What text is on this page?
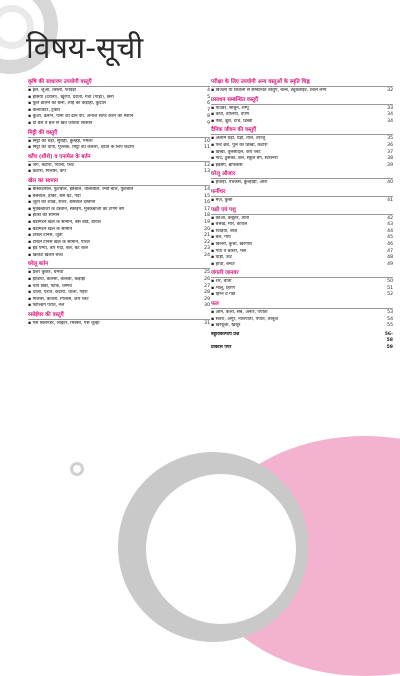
विषय-सूची
कृषि की साधारण उपयोगी वस्तुएँ
▪ हल, जुआ, तसला, फावड़ा	4
▪ हंसिया (दराती), खुरपी, दरांती, गैंती (गाड़ा), छैनी	5
▪ फूल डालने की छैनी, लोहे की कड़ाही, कुदाल	6
▪ कल्टीवेटर, ट्रैक्टर	7
▪ कुआ, ढलान, पानी को ढोने का, अनाज साफ करने की मशीन	8
▪ दो बैल व हल से खेत जोतता किसान	9
मिट्टी की वस्तुएँ
▪ मिट्टी का घड़ा, सुराही, कुल्हड़, गमला	10
▪ मिट्टी का दीया, गुल्लक, मिट्टी की केतली, दवात के लिए कटोरा	11
काँच (शीशे) व एनामेल के बर्तन
▪ जग, कटोरी, प्याला, प्लेट	12
▪ कटोरी, गिलास, कप	13
खेल का सामान
▪ बास्केटबॉल, फुटबॉल, हैंडबॉल, वॉलीबॉल, रग्बी बॉल, फुटबाल	14
▪ बेसबॉल, हॉकी, बेस बैट, गदा	15
▪ जूतों की शाखें, रोलर, बेसबॉल दस्ताना	16
▪ मुक्केबाजी के दस्ताने, स्कीइंग, मुक्केबाजी का टैंगिंग बैग	17
▪ हॉकी का सामान	18
▪ बैडमिंटन खेल के सामान, बेस बोर्ड, डायल	19
▪ बैडमिंटन खेल के सामान	20
▪ टेबिल टेनिस, जूता	21
▪ टेबिल टेनिस खेल के सामान, पारल	22
▪ हैंड पम्पा, तीर गदा, बेल, बेट बॉल	23
▪ क्रिकेट खेलते बच्चे	24
घरेलू बर्तन
▪ प्रेशर कुकर, चमचा	25
▪ हांडिया, कलसा, कलछा, कड़ाही	26
▪ चाय छन्नी, फोर्क, चम्मच	27
▪ थाली, परात, कटोरी, थाली, गहरा	28
▪ गिलास, केतली, गिलास, कप प्लेट	29
▪ फोल्डिंग परात, नल	30
रसोईघर की वस्तुएँ
▪ गैस सिलेण्डर, लाइटर, मिक्सी, गैस चूल्हा	31
परीक्षा के लिए उपयोगी अन्य वस्तुओं के स्मृति चिह्न
▪ बिजली या बिजली से सम्बन्धित वस्तुएँ, बल्ब, ट्यूबलाइट, टेबल लैम्प	32
प्रसाधन सम्बन्धित वस्तुएँ
▪ पाउडर, साबुन, शैम्पू	33
▪ कंघा, तौलिया, दर्पण	34
▪ पेस्ट, ब्रुश, टॉर्च, डिब्बी	34
दैनिक जीवन की वस्तुएँ
▪ अलार्म घड़ी, घड़ी, तौल, तराजू	35
▪ पेन्ट ब्रश, पुल का डिब्बा, कटोरी	36
▪ डिब्बी, तुलसीदल, कप प्लेट	37
▪ गोंद, ठुसका, बेल, स्कूल बैग, स्टेशनरी	38
▪ हैंडबैग, ब्रीफकेस	39
घरेलू औजार
▪ हथौड़ा, पेचकस, कुल्हाड़ी, आरी	40
फर्नीचर
▪ मेज़, कुर्सी	41
पक्षी एवं पशु
▪ कौआ, कबूतर, तोता	42
▪ बत्तख, मोर, कोयल	43
▪ चिड़िया, बाज़	44
▪ बैल, गाय	45
▪ बिल्ली, कुत्ता, खरगोश	46
▪ गधा व बकरी, भैंस	47
▪ घोड़ा, ऊँट	48
▪ हाथी, बन्दर	49
जंगली जानवर
▪ शेर, चीता	50
▪ भालू, हिरण	51
▪ हिरन व गैंडा	52
फल
▪ आम, केला, सेब, अनार, पपीता	53
▪ संतरा, अंगूर, नाशपाती, पपीते, तरबूज	54
▪ खरबूजा, खजूर	55
बहुविकल्पीय प्रश्न	56-58
प्रैक्टिस पेपर	59
